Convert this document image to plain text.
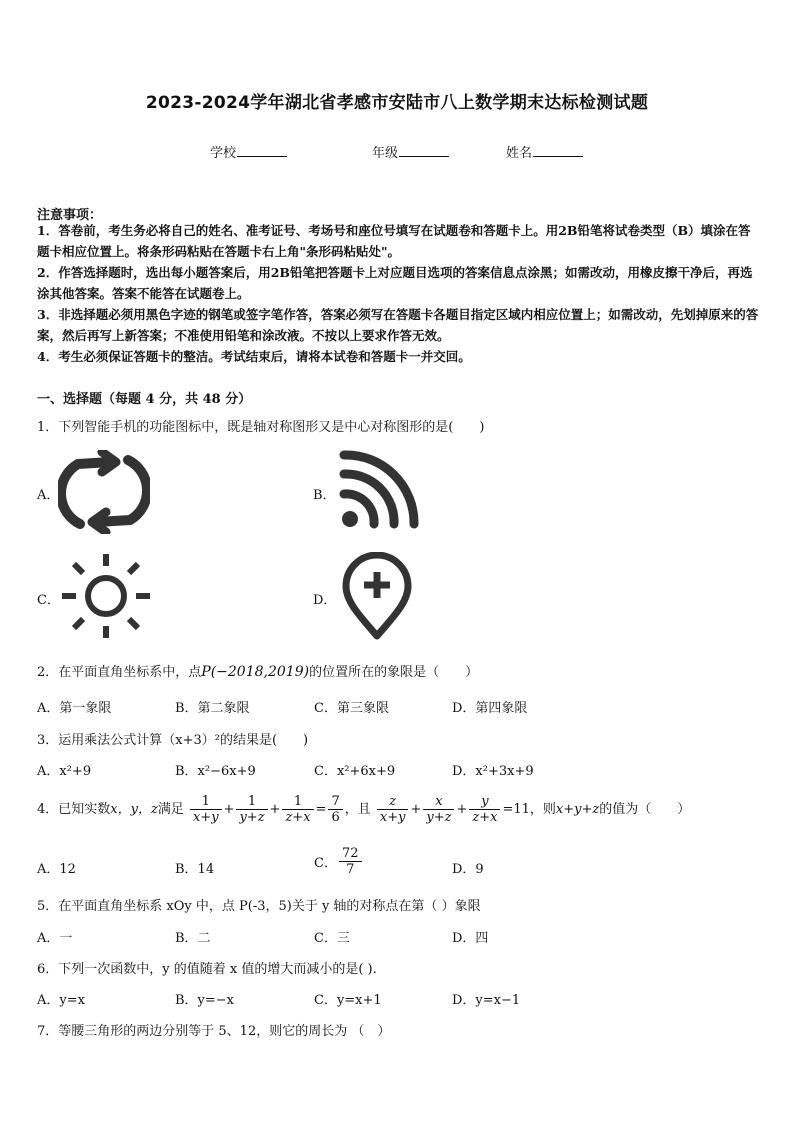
2023-2024学年湖北省孝感市安陆市八上数学期末达标检测试题
学校	年级	姓名
注意事项：
1．答卷前，考生务必将自己的姓名、准考证号、考场号和座位号填写在试题卷和答题卡上。用2B铅笔将试卷类型（B）填涂在答题卡相应位置上。将条形码粘贴在答题卡右上角"条形码粘贴处"。
2．作答选择题时，选出每小题答案后，用2B铅笔把答题卡上对应题目选项的答案信息点涂黑；如需改动，用橡皮擦干净后，再选涂其他答案。答案不能答在试题卷上。
3．非选择题必须用黑色字迹的钢笔或签字笔作答，答案必须写在答题卡各题目指定区域内相应位置上；如需改动，先划掉原来的答案，然后再写上新答案；不准使用铅笔和涂改液。不按以上要求作答无效。
4．考生必须保证答题卡的整洁。考试结束后，请将本试卷和答题卡一并交回。
一、选择题（每题 4 分，共 48 分）
1．下列智能手机的功能图标中，既是轴对称图形又是中心对称图形的是(　　)
A．	B．
C．	D．
2．在平面直角坐标系中，点P(−2018,2019)的位置所在的象限是（　　）
A．第一象限	B．第二象限	C．第三象限	D．第四象限
3．运用乘法公式计算（x+3）²的结果是(　　)
A．x²+9	B．x²−6x+9	C．x²+6x+9	D．x²+3x+9
4．已知实数x，y，z满足 $\frac{1}{x+y} + \frac{1}{y+z} + \frac{1}{z+x} = \frac{7}{6}$ ，且 $\frac{z}{x+y} + \frac{x}{y+z} + \frac{y}{z+x} =11$，则x+y+z的值为（　　）
A．12	B．14	C． $\frac{72}{7}$	D．9
5．在平面直角坐标系 xOy 中，点 P(-3，5)关于 y 轴的对称点在第（ ）象限
A．一	B．二	C．三	D．四
6．下列一次函数中，y 的值随着 x 值的增大而减小的是( ).
A．y=x	B．y=−x	C．y=x+1	D．y=x−1
7．等腰三角形的两边分别等于 5、12，则它的周长为 （　）
